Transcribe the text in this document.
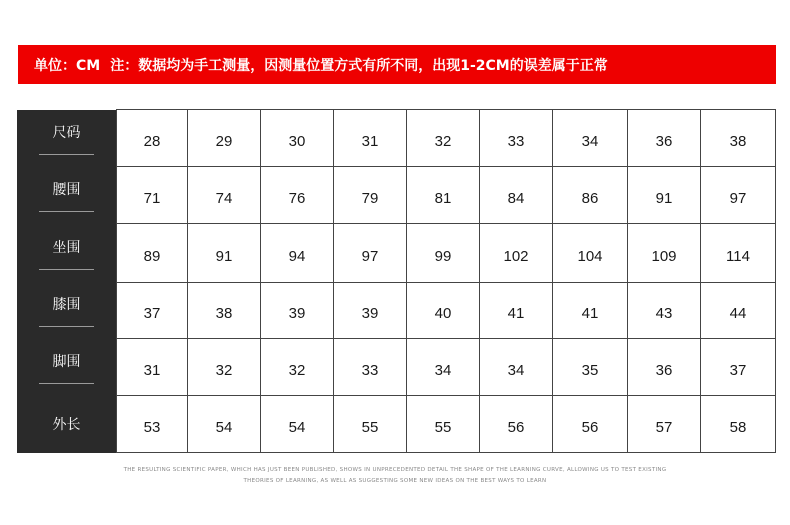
单位：CM 注：数据均为手工测量，因测量位置方式有所不同，出现1-2CM的误差属于正常
尺码	28	29	30	31	32	33	34	36	38

腰围	71	74	76	79	81	84	86	91	97

坐围	89	91	94	97	99	102	104	109	114

膝围	37	38	39	39	40	41	41	43	44

脚围	31	32	32	33	34	34	35	36	37

外长	53	54	54	55	55	56	56	57	58
THE RESULTING SCIENTIFIC PAPER, WHICH HAS JUST BEEN PUBLISHED, SHOWS IN UNPRECEDENTED DETAIL THE SHAPE OF THE LEARNING CURVE, ALLOWING US TO TEST EXISTING
THEORIES OF LEARNING, AS WELL AS SUGGESTING SOME NEW IDEAS ON THE BEST WAYS TO LEARN
